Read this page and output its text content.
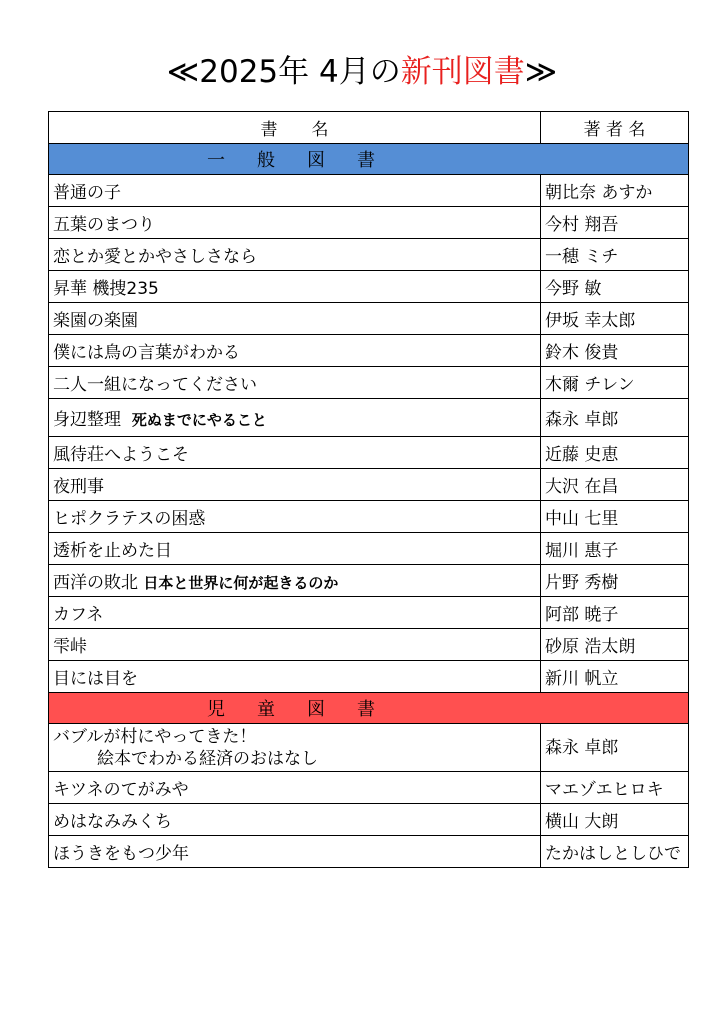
≪2025年 4月の新刊図書≫
書　　名	著 者 名
一 般 図 書	
普通の子	朝比奈 あすか
五葉のまつり	今村 翔吾
恋とか愛とかやさしさなら	一穂 ミチ
昇華 機捜235	今野 敏
楽園の楽園	伊坂 幸太郎
僕には鳥の言葉がわかる	鈴木 俊貴
二人一組になってください	木爾 チレン
身辺整理 死ぬまでにやること	森永 卓郎
風待荘へようこそ	近藤 史恵
夜刑事	大沢 在昌
ヒポクラテスの困惑	中山 七里
透析を止めた日	堀川 惠子
西洋の敗北 日本と世界に何が起きるのか	片野 秀樹
カフネ	阿部 暁子
雫峠	砂原 浩太朗
目には目を	新川 帆立
児 童 図 書	

バブルが村にやってきた！
絵本でわかる経済のおはなし	森永 卓郎
キツネのてがみや	マエゾエヒロキ
めはなみみくち	横山 大朗
ほうきをもつ少年	たかはしとしひで
